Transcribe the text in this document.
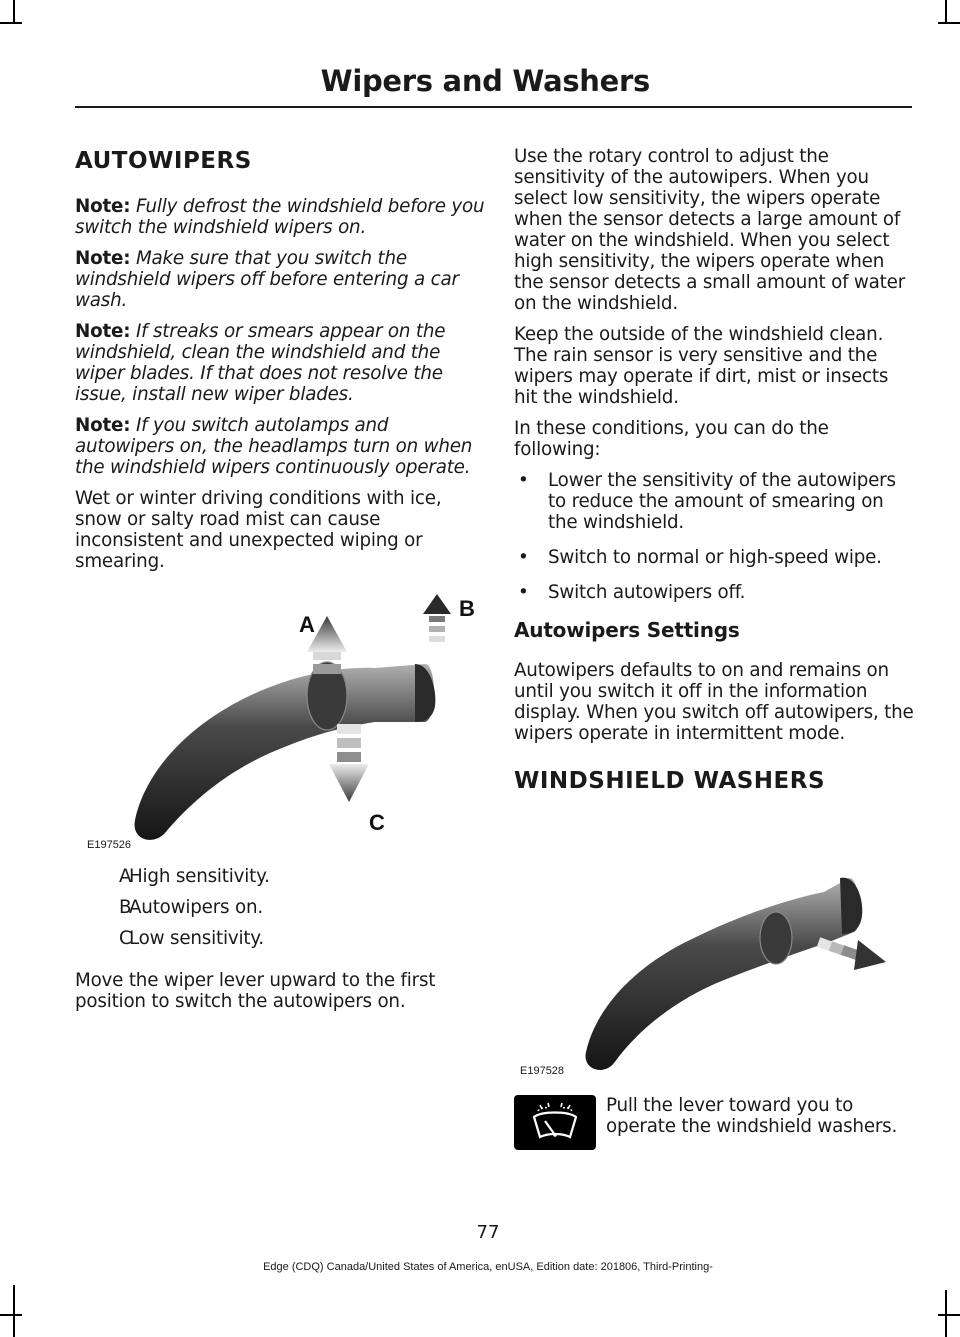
Wipers and Washers
AUTOWIPERS

Note: Fully defrost the windshield before you switch the windshield wipers on.

Note: Make sure that you switch the windshield wipers off before entering a car wash.

Note: If streaks or smears appear on the windshield, clean the windshield and the wiper blades. If that does not resolve the issue, install new wiper blades.

Note: If you switch autolamps and autowipers on, the headlamps turn on when the windshield wipers continuously operate.

Wet or winter driving conditions with ice, snow or salty road mist can cause inconsistent and unexpected wiping or smearing.

A
B
C
E197526
A
High sensitivity.
B
Autowipers on.
C
Low sensitivity.

Move the wiper lever upward to the first position to switch the autowipers on.

Use the rotary control to adjust the sensitivity of the autowipers. When you select low sensitivity, the wipers operate when the sensor detects a large amount of water on the windshield. When you select high sensitivity, the wipers operate when the sensor detects a small amount of water on the windshield.

Keep the outside of the windshield clean. The rain sensor is very sensitive and the wipers may operate if dirt, mist or insects hit the windshield.

In these conditions, you can do the following:

• Lower the sensitivity of the autowipers to reduce the amount of smearing on the windshield.
• Switch to normal or high-speed wipe.
• Switch autowipers off.
Autowipers Settings

Autowipers defaults to on and remains on until you switch it off in the information display. When you switch off autowipers, the wipers operate in intermittent mode.

WINDSHIELD WASHERS
E197528
Pull the lever toward you to operate the windshield washers.
77
Edge (CDQ) Canada/United States of America, enUSA, Edition date: 201806, Third-Printing-
